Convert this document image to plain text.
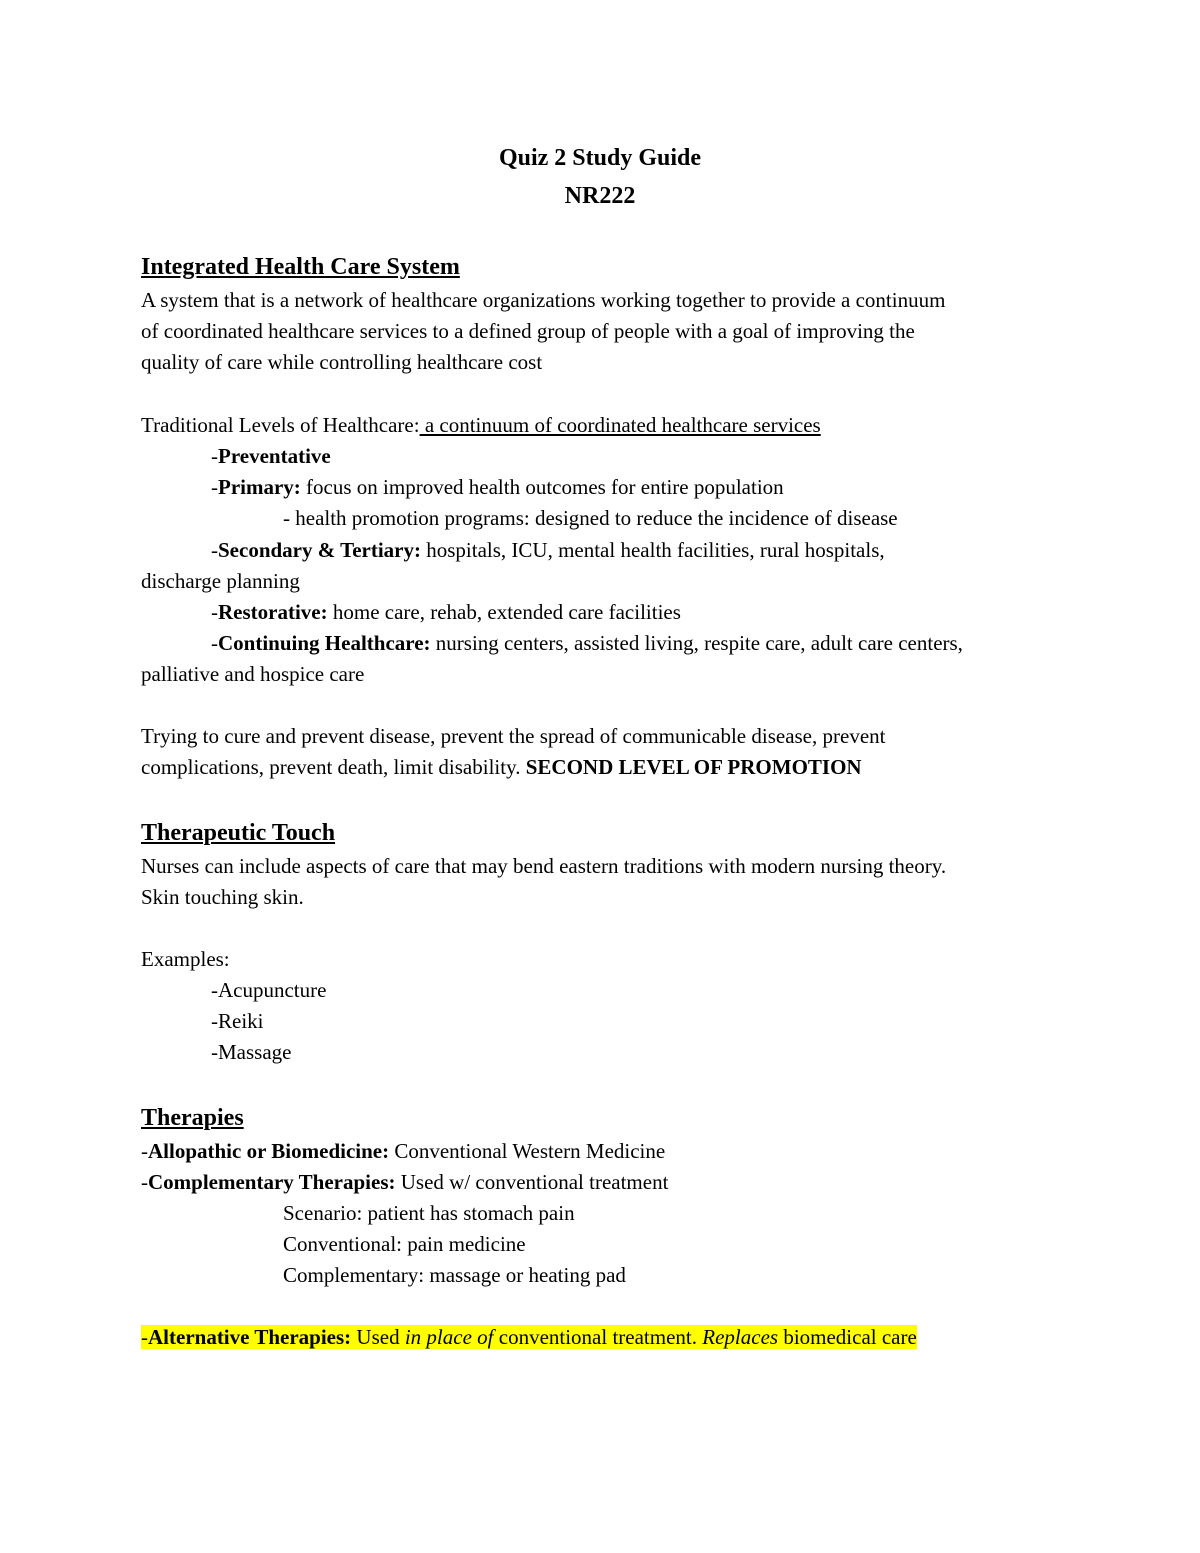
Quiz 2 Study Guide
NR222
Integrated Health Care System
A system that is a network of healthcare organizations working together to provide a continuum
of coordinated healthcare services to a defined group of people with a goal of improving the
quality of care while controlling healthcare cost
Traditional Levels of Healthcare: a continuum of coordinated healthcare services
-Preventative
-Primary: focus on improved health outcomes for entire population
- health promotion programs: designed to reduce the incidence of disease
-Secondary & Tertiary: hospitals, ICU, mental health facilities, rural hospitals,
discharge planning
-Restorative: home care, rehab, extended care facilities
-Continuing Healthcare: nursing centers, assisted living, respite care, adult care centers,
palliative and hospice care
Trying to cure and prevent disease, prevent the spread of communicable disease, prevent
complications, prevent death, limit disability. SECOND LEVEL OF PROMOTION
Therapeutic Touch
Nurses can include aspects of care that may bend eastern traditions with modern nursing theory.
Skin touching skin.
Examples:
-Acupuncture
-Reiki
-Massage
Therapies
-Allopathic or Biomedicine: Conventional Western Medicine
-Complementary Therapies: Used w/ conventional treatment
Scenario: patient has stomach pain
Conventional: pain medicine
Complementary: massage or heating pad
-Alternative Therapies: Used in place of conventional treatment. Replaces biomedical care
